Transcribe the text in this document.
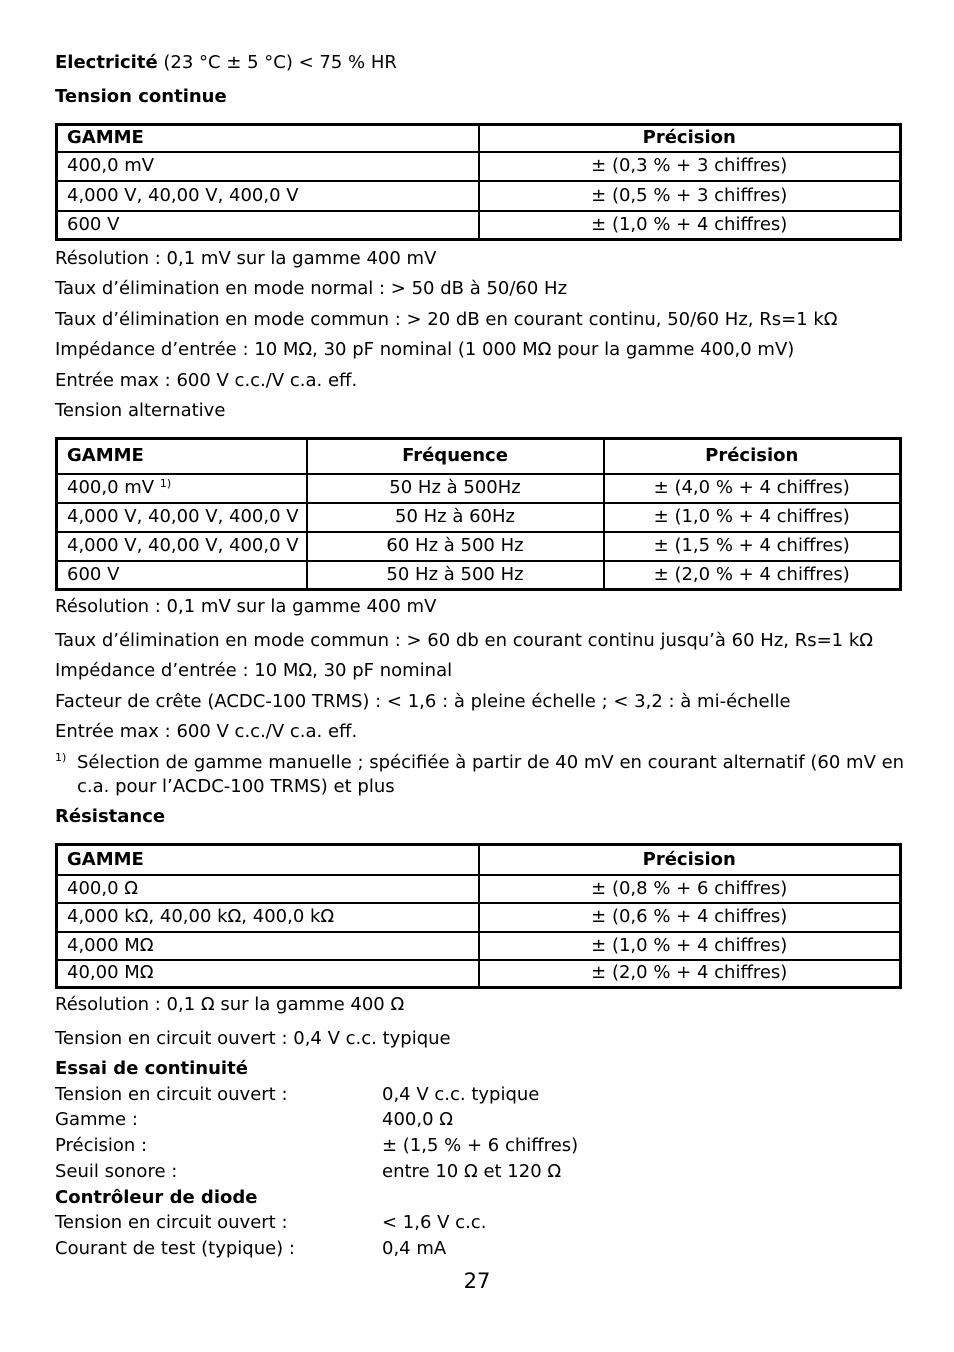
Electricité (23 °C ± 5 °C) < 75 % HR
Tension continue
GAMME	Précision
400,0 mV	± (0,3 % + 3 chiffres)
4,000 V, 40,00 V, 400,0 V	± (0,5 % + 3 chiffres)
600 V	± (1,0 % + 4 chiffres)
Résolution : 0,1 mV sur la gamme 400 mV
Taux d’élimination en mode normal : > 50 dB à 50/60 Hz
Taux d’élimination en mode commun : > 20 dB en courant continu, 50/60 Hz, Rs=1 kΩ
Impédance d’entrée : 10 MΩ, 30 pF nominal (1 000 MΩ pour la gamme 400,0 mV)
Entrée max : 600 V c.c./V c.a. eff.
Tension alternative
GAMME	Fréquence	Précision
400,0 mV $^{1)}$	50 Hz à 500Hz	± (4,0 % + 4 chiffres)
4,000 V, 40,00 V, 400,0 V	50 Hz à 60Hz	± (1,0 % + 4 chiffres)
4,000 V, 40,00 V, 400,0 V	60 Hz à 500 Hz	± (1,5 % + 4 chiffres)
600 V	50 Hz à 500 Hz	± (2,0 % + 4 chiffres)
Résolution : 0,1 mV sur la gamme 400 mV
Taux d’élimination en mode commun : > 60 db en courant continu jusqu’à 60 Hz, Rs=1 kΩ
Impédance d’entrée : 10 MΩ, 30 pF nominal
Facteur de crête (ACDC-100 TRMS) : < 1,6 : à pleine échelle ; < 3,2 : à mi-échelle
Entrée max : 600 V c.c./V c.a. eff.
1) Sélection de gamme manuelle ; spécifiée à partir de 40 mV en courant alternatif (60 mV en
c.a. pour l’ACDC-100 TRMS) et plus
Résistance
GAMME	Précision
400,0 Ω	± (0,8 % + 6 chiffres)
4,000 kΩ, 40,00 kΩ, 400,0 kΩ	± (0,6 % + 4 chiffres)
4,000 MΩ	± (1,0 % + 4 chiffres)
40,00 MΩ	± (2,0 % + 4 chiffres)
Résolution : 0,1 Ω sur la gamme 400 Ω
Tension en circuit ouvert : 0,4 V c.c. typique
Essai de continuité
Tension en circuit ouvert :	0,4 V c.c. typique
Gamme :	400,0 Ω
Précision :	± (1,5 % + 6 chiffres)
Seuil sonore :	entre 10 Ω et 120 Ω
Contrôleur de diode
Tension en circuit ouvert :	< 1,6 V c.c.
Courant de test (typique) :	0,4 mA
27
